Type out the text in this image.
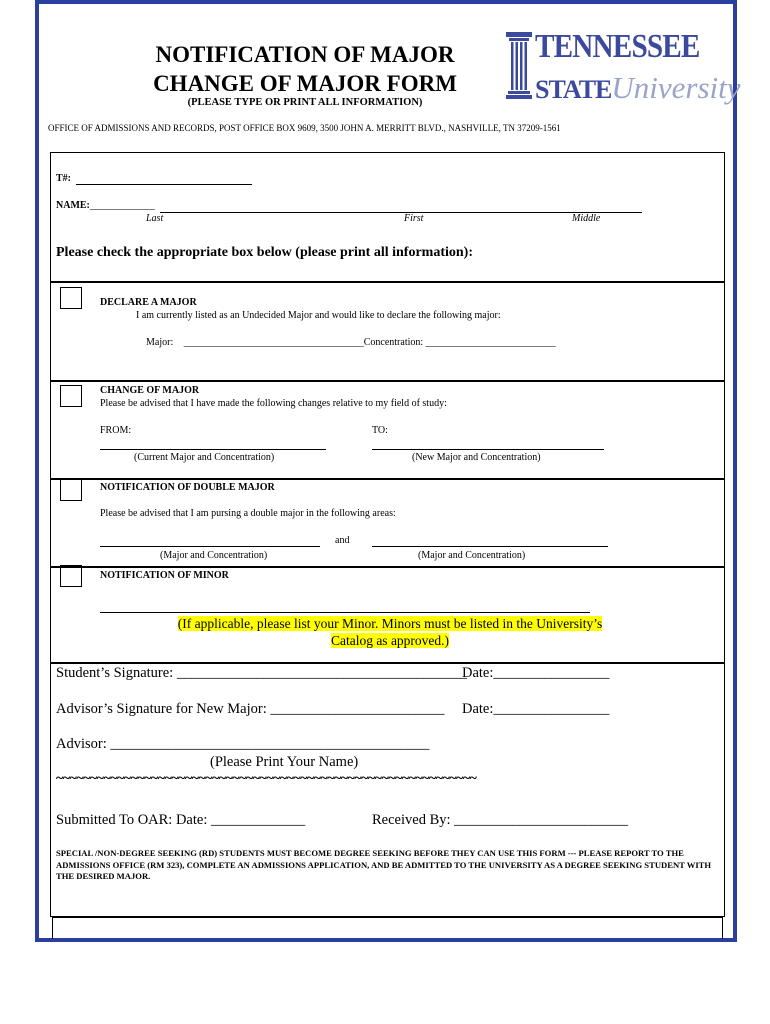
NOTIFICATION OF MAJOR
CHANGE OF MAJOR FORM
(PLEASE TYPE OR PRINT ALL INFORMATION)
TENNESSEE
STATEUniversity
OFFICE OF ADMISSIONS AND RECORDS, POST OFFICE BOX 9609, 3500 JOHN A. MERRITT BLVD., NASHVILLE, TN 37209-1561
T#:
NAME:_____________
Last	First	Middle
Please check the appropriate box below (please print all information):
DECLARE A MAJOR
I am currently listed as an Undecided Major and would like to declare the following major:
Major: ____________________________________Concentration: __________________________
CHANGE OF MAJOR
Please be advised that I have made the following changes relative to my field of study:
FROM:	TO:
(Current Major and Concentration)	(New Major and Concentration)
NOTIFICATION OF DOUBLE MAJOR
Please be advised that I am pursing a double major in the following areas:
and
(Major and Concentration)	(Major and Concentration)
NOTIFICATION OF MINOR
(If applicable, please list your Minor. Minors must be listed in the University’s
Catalog as approved.)
Student’s Signature: ________________________________________
Date:________________
Advisor’s Signature for New Major: ________________________ Date:________________
Advisor: ____________________________________________
(Please Print Your Name)
~~~~~~~~~~~~~~~~~~~~~~~~~~~~~~~~~~~~~~~~~~~~~~~~~~~~~~~~~~~~~~
Submitted To OAR: Date: _____________	Received By: ________________________
SPECIAL /NON-DEGREE SEEKING (RD) STUDENTS MUST BECOME DEGREE SEEKING BEFORE THEY CAN USE THIS FORM --- PLEASE REPORT TO THE ADMISSIONS OFFICE (RM 323), COMPLETE AN ADMISSIONS APPLICATION, AND BE ADMITTED TO THE UNIVERSITY AS A DEGREE SEEKING STUDENT WITH THE DESIRED MAJOR.
